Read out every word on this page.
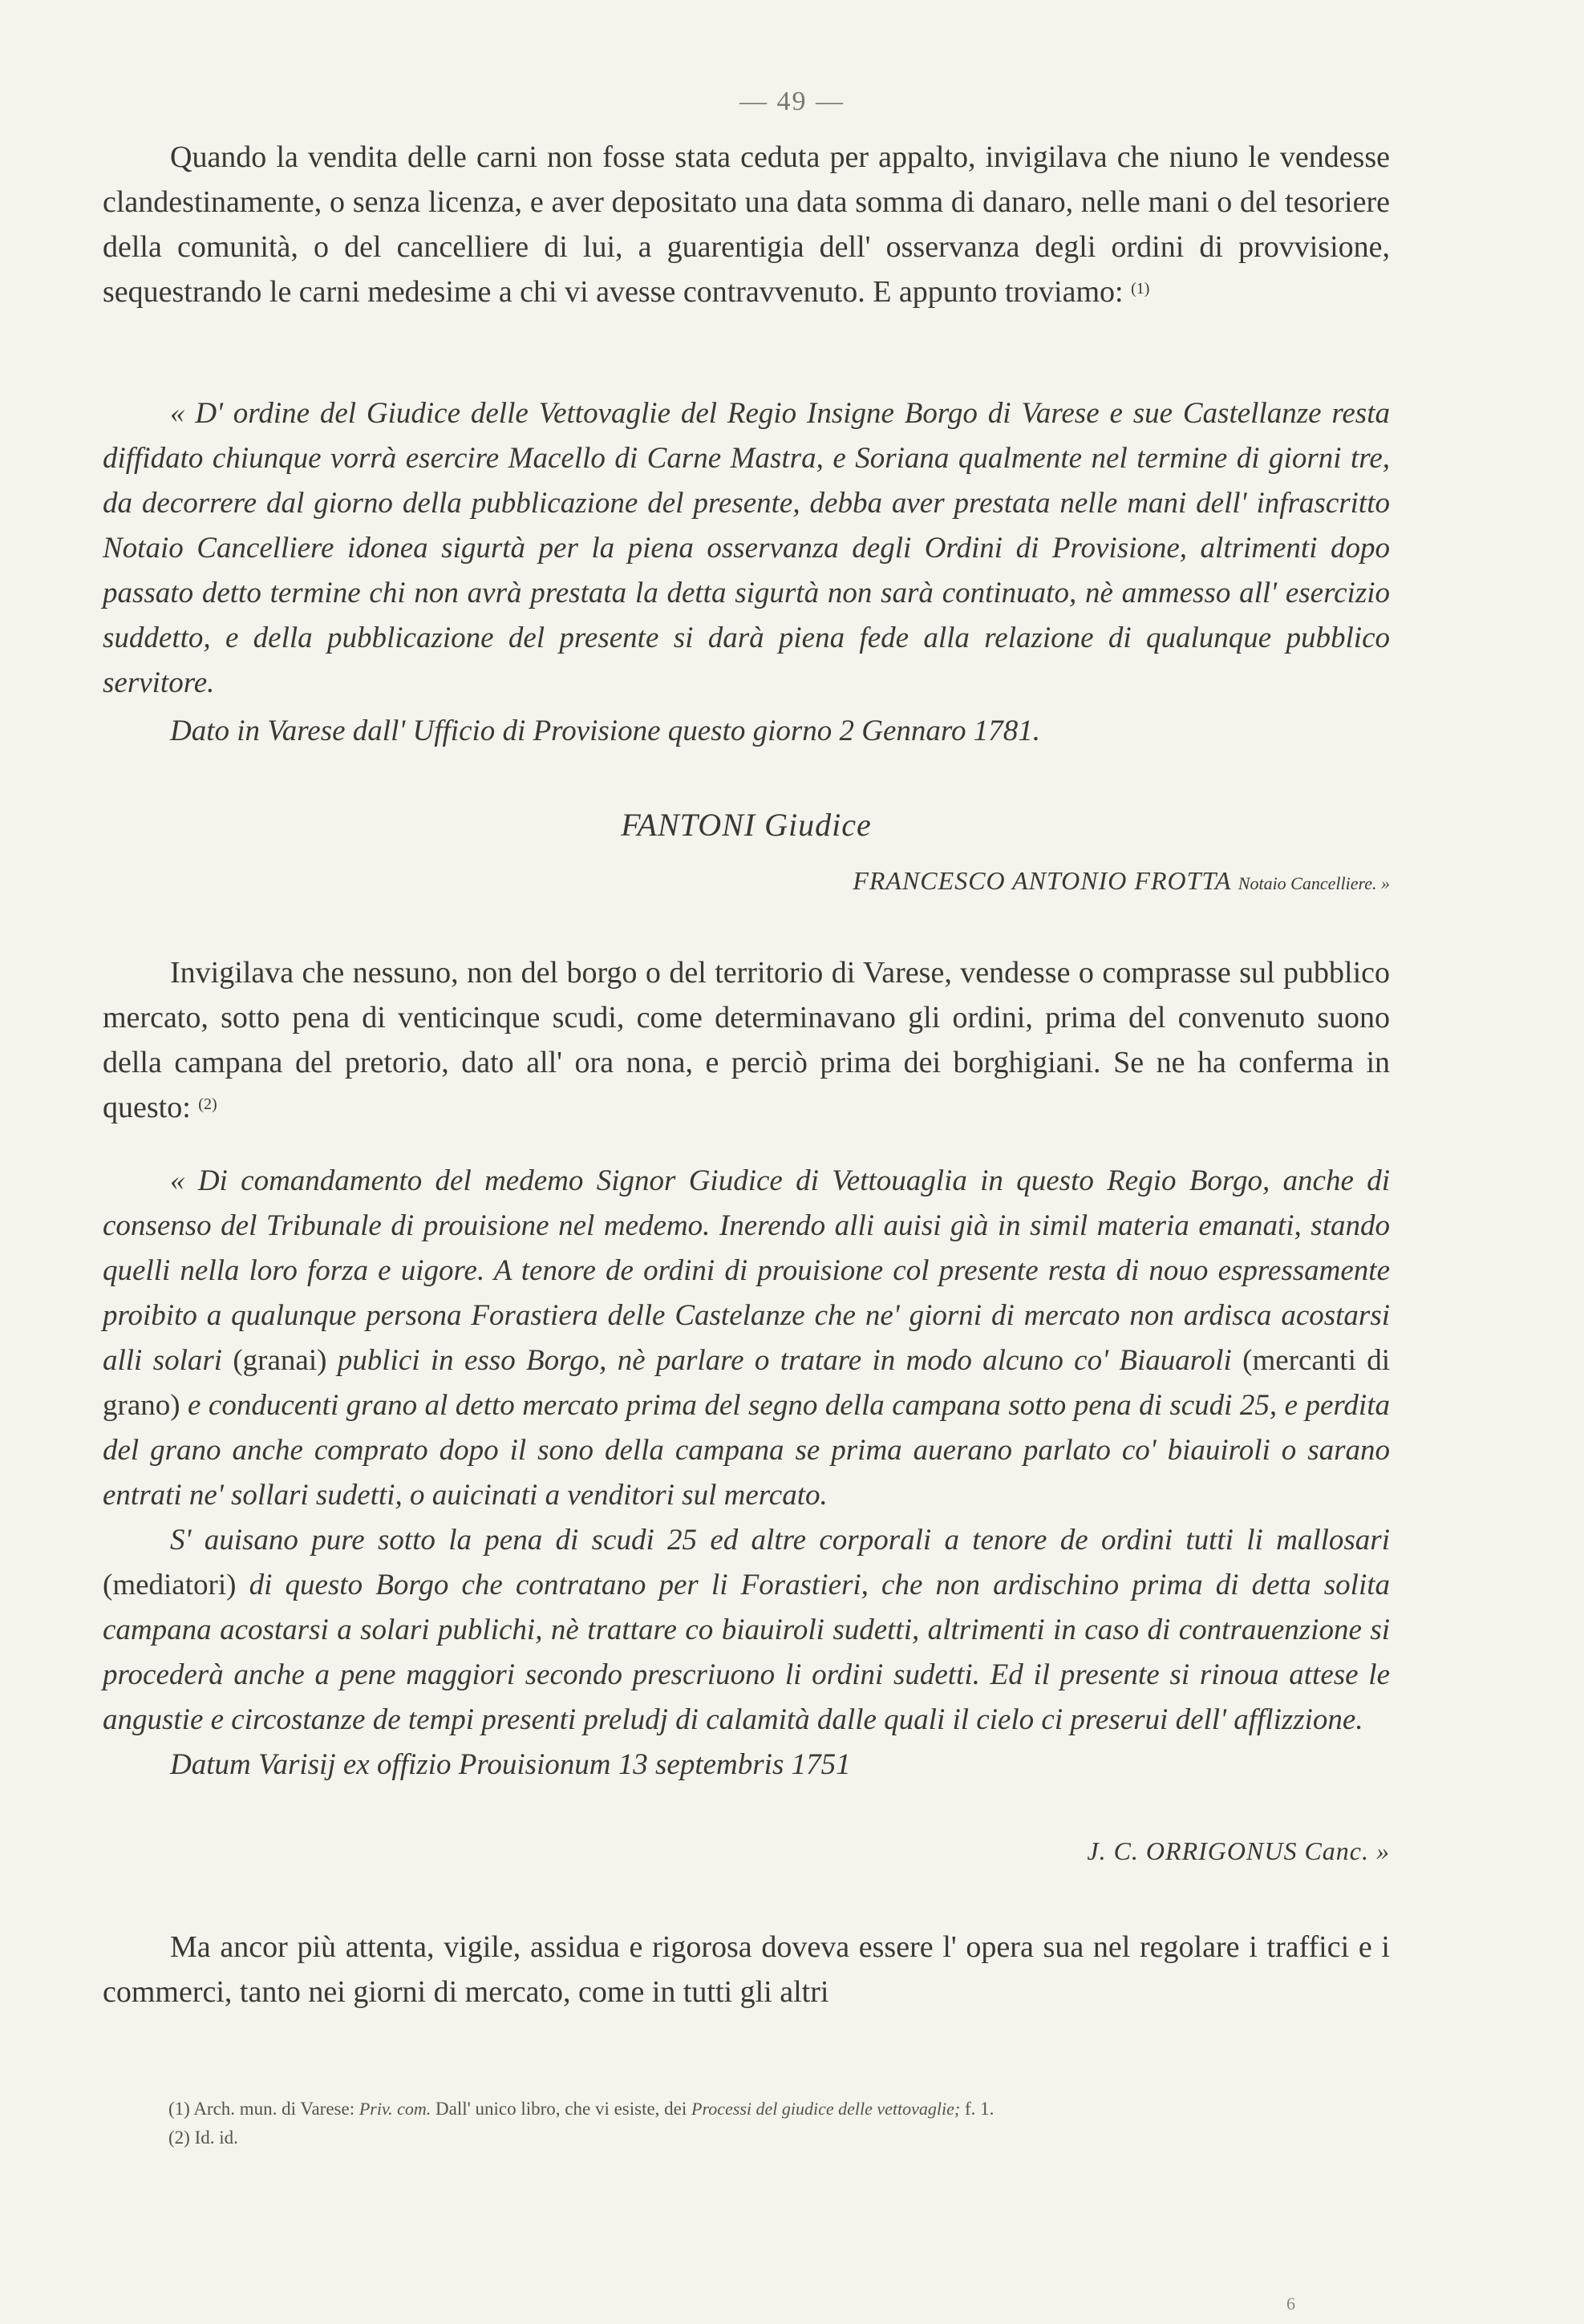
— 49 —

Quando la vendita delle carni non fosse stata ceduta per appalto, invigilava che niuno le vendesse clandestinamente, o senza licenza, e aver depositato una data somma di danaro, nelle mani o del tesoriere della comunità, o del cancelliere di lui, a guarentigia dell' osservanza degli ordini di provvisione, sequestrando le carni medesime a chi vi avesse contravvenuto. E appunto troviamo: $^{(1)}$

« D' ordine del Giudice delle Vettovaglie del Regio Insigne Borgo di Varese e sue Castellanze resta diffidato chiunque vorrà esercire Macello di Carne Mastra, e Soriana qualmente nel termine di giorni tre, da decorrere dal giorno della pubblicazione del presente, debba aver prestata nelle mani dell' infrascritto Notaio Cancelliere idonea sigurtà per la piena osservanza degli Ordini di Provisione, altrimenti dopo passato detto termine chi non avrà prestata la detta sigurtà non sarà continuato, nè ammesso all' esercizio suddetto, e della pubblicazione del presente si darà piena fede alla relazione di qualunque pubblico servitore.

Dato in Varese dall' Ufficio di Provisione questo giorno 2 Gennaro 1781.

FANTONI Giudice

FRANCESCO ANTONIO FROTTA Notaio Cancelliere. »

Invigilava che nessuno, non del borgo o del territorio di Varese, vendesse o comprasse sul pubblico mercato, sotto pena di venticinque scudi, come determinavano gli ordini, prima del convenuto suono della campana del pretorio, dato all' ora nona, e perciò prima dei borghigiani. Se ne ha conferma in questo: $^{(2)}$

« Di comandamento del medemo Signor Giudice di Vettouaglia in questo Regio Borgo, anche di consenso del Tribunale di prouisione nel medemo. Inerendo alli auisi già in simil materia emanati, stando quelli nella loro forza e uigore. A tenore de ordini di prouisione col presente resta di nouo espressamente proibito a qualunque persona Forastiera delle Castelanze che ne' giorni di mercato non ardisca acostarsi alli solari (granai) publici in esso Borgo, nè parlare o tratare in modo alcuno co' Biauaroli (mercanti di grano) e conducenti grano al detto mercato prima del segno della campana sotto pena di scudi 25, e perdita del grano anche comprato dopo il sono della campana se prima auerano parlato co' biauiroli o sarano entrati ne' sollari sudetti, o auicinati a venditori sul mercato.

S' auisano pure sotto la pena di scudi 25 ed altre corporali a tenore de ordini tutti li mallosari (mediatori) di questo Borgo che contratano per li Forastieri, che non ardischino prima di detta solita campana acostarsi a solari publichi, nè trattare co biauiroli sudetti, altrimenti in caso di contrauenzione si procederà anche a pene maggiori secondo prescriuono li ordini sudetti. Ed il presente si rinoua attese le angustie e circostanze de tempi presenti preludj di calamità dalle quali il cielo ci preserui dell' afflizzione.

Datum Varisij ex offizio Prouisionum 13 septembris 1751

J. C. ORRIGONUS Canc. »

Ma ancor più attenta, vigile, assidua e rigorosa doveva essere l' opera sua nel regolare i traffici e i commerci, tanto nei giorni di mercato, come in tutti gli altri

(1) Arch. mun. di Varese: Priv. com. Dall' unico libro, che vi esiste, dei Processi del giudice delle vettovaglie; f. 1.
(2) Id. id.
6
